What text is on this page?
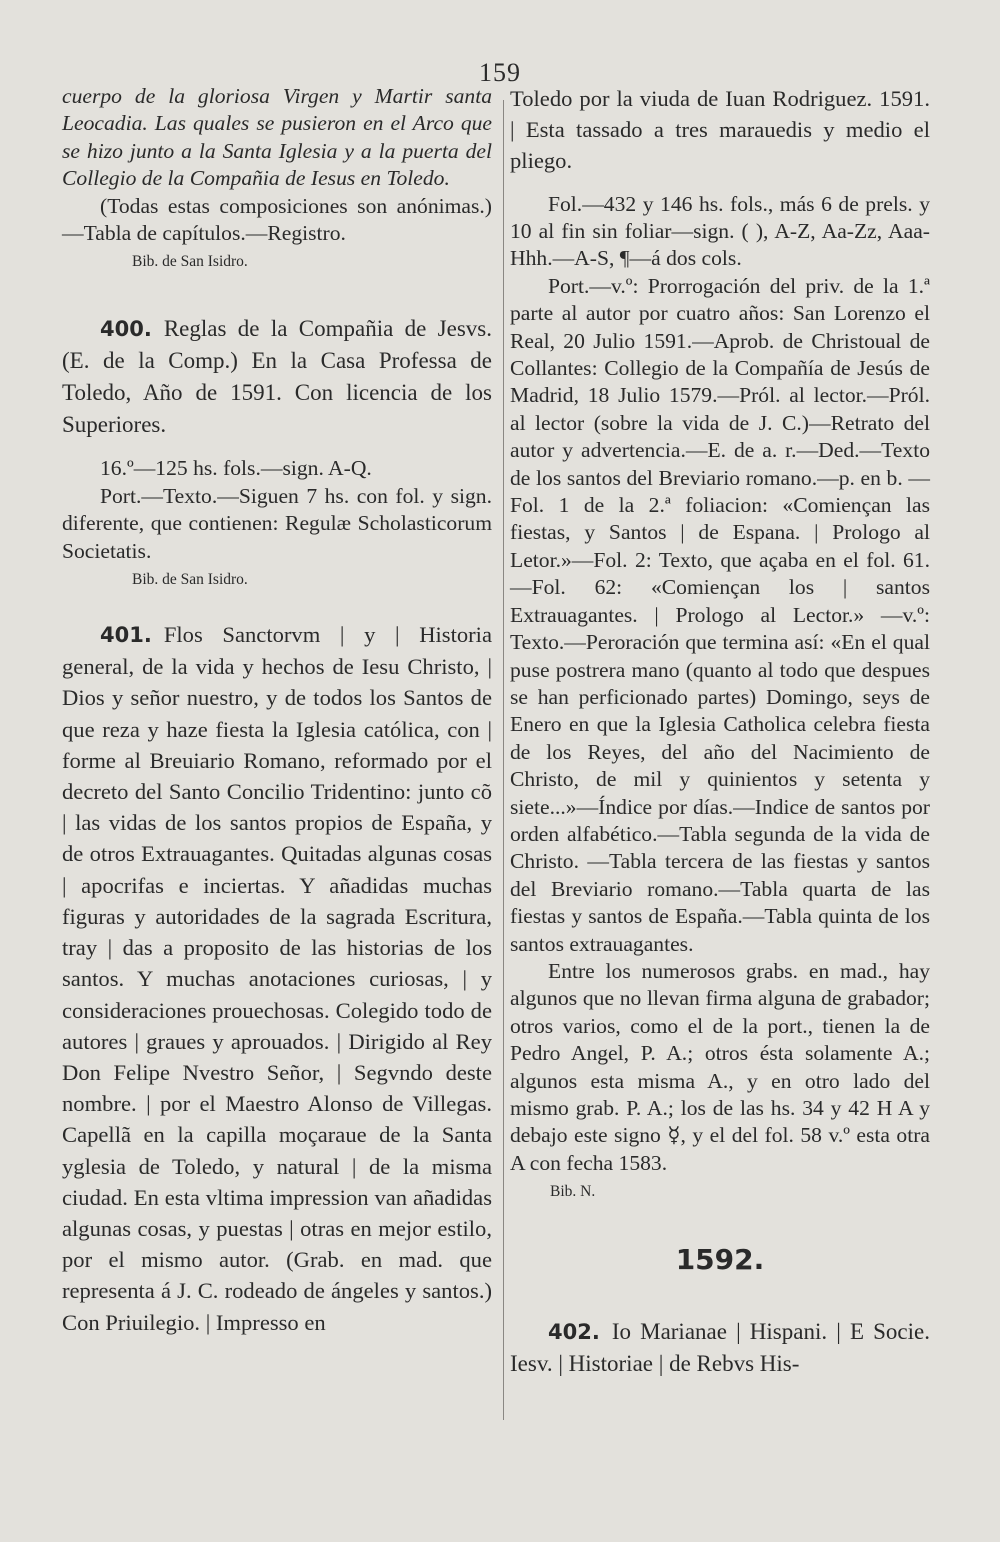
159

cuerpo de la gloriosa Virgen y Martir santa Leocadia. Las quales se pusieron en el Arco que se hizo junto a la Santa Iglesia y a la puerta del Collegio de la Compañia de Iesus en Toledo.

(Todas estas composiciones son anónimas.)—Tabla de capítulos.—Registro.

Bib. de San Isidro.

400. Reglas de la Compañia de Jesvs. (E. de la Comp.) En la Casa Professa de Toledo, Año de 1591. Con licencia de los Superiores.

16.º—125 hs. fols.—sign. A-Q.

Port.—Texto.—Siguen 7 hs. con fol. y sign. diferente, que contienen: Regulæ Scholasticorum Societatis.

Bib. de San Isidro.

401. Flos Sanctorvm | y | Historia general, de la vida y hechos de Iesu Christo, | Dios y señor nuestro, y de todos los Santos de que reza y haze fiesta la Iglesia católica, con | forme al Breuiario Romano, reformado por el decreto del Santo Concilio Tridentino: junto cõ | las vidas de los santos propios de España, y de otros Extrauagantes. Quitadas algunas cosas | apocrifas e inciertas. Y añadidas muchas figuras y autoridades de la sagrada Escritura, tray | das a proposito de las historias de los santos. Y muchas anotaciones curiosas, | y consideraciones prouechosas. Colegido todo de autores | graues y aprouados. | Dirigido al Rey Don Felipe Nvestro Señor, | Segvndo deste nombre. | por el Maestro Alonso de Villegas. Capellã en la capilla moçaraue de la Santa yglesia de Toledo, y natural | de la misma ciudad. En esta vltima impression van añadidas algunas cosas, y puestas | otras en mejor estilo, por el mismo autor. (Grab. en mad. que representa á J. C. rodeado de ángeles y santos.) Con Priuilegio. | Impresso en

Toledo por la viuda de Iuan Rodriguez. 1591. | Esta tassado a tres marauedis y medio el pliego.

Fol.—432 y 146 hs. fols., más 6 de prels. y 10 al fin sin foliar—sign. ( ), A-Z, Aa-Zz, Aaa-Hhh.—A-S, ¶—á dos cols.

Port.—v.º: Prorrogación del priv. de la 1.ª parte al autor por cuatro años: San Lorenzo el Real, 20 Julio 1591.—Aprob. de Christoual de Collantes: Collegio de la Compañía de Jesús de Madrid, 18 Julio 1579.—Pról. al lector.—Pról. al lector (sobre la vida de J. C.)—Retrato del autor y advertencia.—E. de a. r.—Ded.—Texto de los santos del Breviario romano.—p. en b. —Fol. 1 de la 2.ª foliacion: «Comiençan las fiestas, y Santos | de Espana. | Prologo al Letor.»—Fol. 2: Texto, que açaba en el fol. 61.—Fol. 62: «Comiençan los | santos Extrauagantes. | Prologo al Lector.» —v.º: Texto.—Peroración que termina así: «En el qual puse postrera mano (quanto al todo que despues se han perficionado partes) Domingo, seys de Enero en que la Iglesia Catholica celebra fiesta de los Reyes, del año del Nacimiento de Christo, de mil y quinientos y setenta y siete...»—Índice por días.—Indice de santos por orden alfabético.—Tabla segunda de la vida de Christo. —Tabla tercera de las fiestas y santos del Breviario romano.—Tabla quarta de las fiestas y santos de España.—Tabla quinta de los santos extrauagantes.

Entre los numerosos grabs. en mad., hay algunos que no llevan firma alguna de grabador; otros varios, como el de la port., tienen la de Pedro Angel, P. A.; otros ésta solamente A.; algunos esta misma A., y en otro lado del mismo grab. P. A.; los de las hs. 34 y 42 H A y debajo este signo ☿, y el del fol. 58 v.º esta otra A con fecha 1583.

Bib. N.

1592.

402. Io Marianae | Hispani. | E Socie. Iesv. | Historiae | de Rebvs His-
